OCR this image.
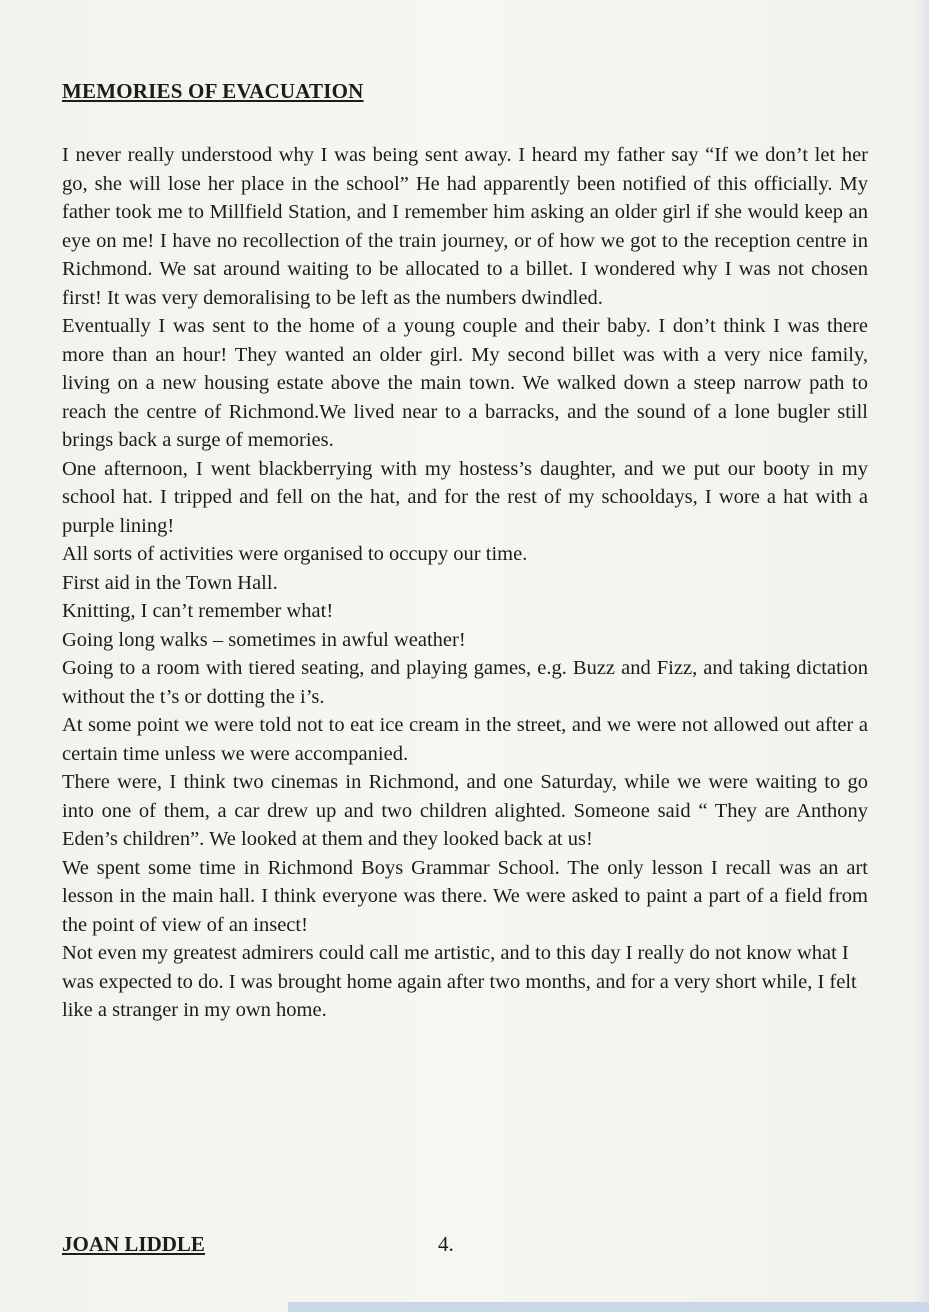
MEMORIES OF EVACUATION

I never really understood why I was being sent away. I heard my father say “If we don’t let her go, she will lose her place in the school” He had apparently been notified of this officially. My father took me to Millfield Station, and I remember him asking an older girl if she would keep an eye on me! I have no recollection of the train journey, or of how we got to the reception centre in Richmond. We sat around waiting to be allocated to a billet. I wondered why I was not chosen first! It was very demoralising to be left as the numbers dwindled.

Eventually I was sent to the home of a young couple and their baby. I don’t think I was there more than an hour! They wanted an older girl. My second billet was with a very nice family, living on a new housing estate above the main town. We walked down a steep narrow path to reach the centre of Richmond.We lived near to a barracks, and the sound of a lone bugler still brings back a surge of memories.

One afternoon, I went blackberrying with my hostess’s daughter, and we put our booty in my school hat. I tripped and fell on the hat, and for the rest of my schooldays, I wore a hat with a purple lining!

All sorts of activities were organised to occupy our time.

First aid in the Town Hall.

Knitting, I can’t remember what!

Going long walks – sometimes in awful weather!

Going to a room with tiered seating, and playing games, e.g. Buzz and Fizz, and taking dictation without the t’s or dotting the i’s.

At some point we were told not to eat ice cream in the street, and we were not allowed out after a certain time unless we were accompanied.

There were, I think two cinemas in Richmond, and one Saturday, while we were waiting to go into one of them, a car drew up and two children alighted. Someone said “ They are Anthony Eden’s children”. We looked at them and they looked back at us!

We spent some time in Richmond Boys Grammar School. The only lesson I recall was an art lesson in the main hall. I think everyone was there. We were asked to paint a part of a field from the point of view of an insect!

Not even my greatest admirers could call me artistic, and to this day I really do not know what I was expected to do. I was brought home again after two months, and for a very short while, I felt like a stranger in my own home.

JOAN LIDDLE	4.
